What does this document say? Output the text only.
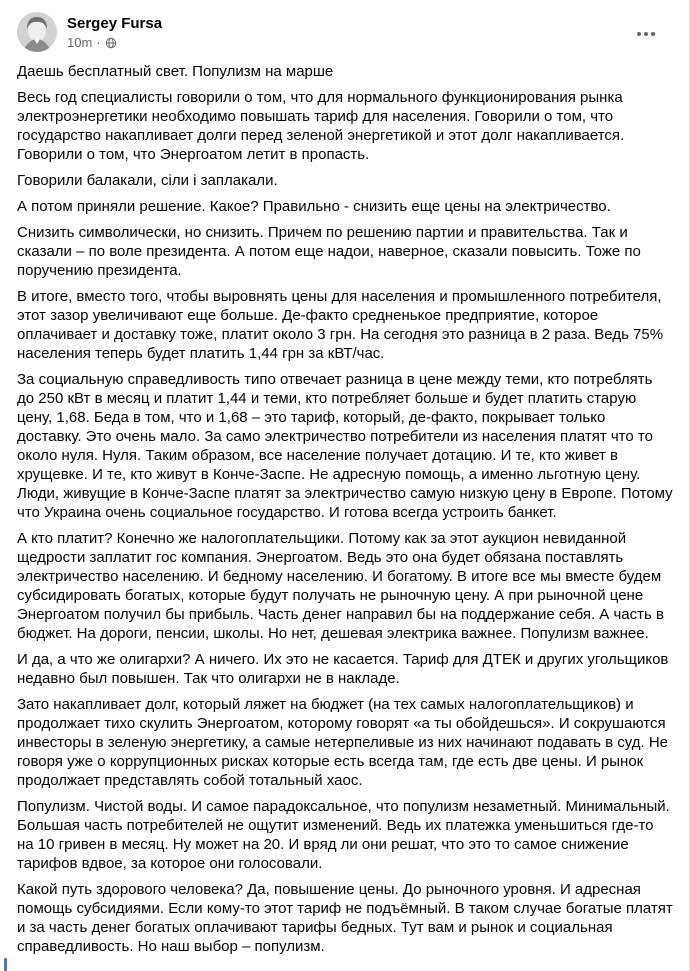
Sergey Fursa
10m ·
Даешь бесплатный свет. Популизм на марше
Весь год специалисты говорили о том, что для нормального функционирования рынка электроэнергетики необходимо повышать тариф для населения. Говорили о том, что государство накапливает долги перед зеленой энергетикой и этот долг накапливается. Говорили о том, что Энергоатом летит в пропасть.
Говорили балакали, сіли і заплакали.
А потом приняли решение. Какое? Правильно - снизить еще цены на электричество.
Снизить символически, но снизить. Причем по решению партии и правительства. Так и сказали – по воле президента. А потом еще надои, наверное, сказали повысить. Тоже по поручению президента.
В итоге, вместо того, чтобы выровнять цены для населения и промышленного потребителя, этот зазор увеличивают еще больше. Де-факто средненькое предприятие, которое оплачивает и доставку тоже, платит около 3 грн. На сегодня это разница в 2 раза. Ведь 75% населения теперь будет платить 1,44 грн за кВТ/час.
За социальную справедливость типо отвечает разница в цене между теми, кто потреблять до 250 кВт в месяц и платит 1,44 и теми, кто потребляет больше и будет платить старую цену, 1,68. Беда в том, что и 1,68 – это тариф, который, де-факто, покрывает только доставку. Это очень мало. За само электричество потребители из населения платят что то около нуля. Нуля. Таким образом, все население получает дотацию. И те, кто живет в хрущевке. И те, кто живут в Конче-Заспе. Не адресную помощь, а именно льготную цену. Люди, живущие в Конче-Заспе платят за электричество самую низкую цену в Европе. Потому что Украина очень социальное государство. И готова всегда устроить банкет.
А кто платит? Конечно же налогоплательщики. Потому как за этот аукцион невиданной щедрости заплатит гос компания. Энергоатом. Ведь это она будет обязана поставлять электричество населению. И бедному населению. И богатому. В итоге все мы вместе будем субсидировать богатых, которые будут получать не рыночную цену. А при рыночной цене Энергоатом получил бы прибыль. Часть денег направил бы на поддержание себя. А часть в бюджет. На дороги, пенсии, школы. Но нет, дешевая электрика важнее. Популизм важнее.
И да, а что же олигархи? А ничего. Их это не касается. Тариф для ДТЕК и других угольщиков недавно был повышен. Так что олигархи не в накладе.
Зато накапливает долг, который ляжет на бюджет (на тех самых налогоплательщиков) и продолжает тихо скулить Энергоатом, которому говорят «а ты обойдешься». И сокрушаются инвесторы в зеленую энергетику, а самые нетерпеливые из них начинают подавать в суд. Не говоря уже о коррупционных рисках которые есть всегда там, где есть две цены. И рынок продолжает представлять собой тотальный хаос.
Популизм. Чистой воды. И самое парадоксальное, что популизм незаметный. Минимальный. Большая часть потребителей не ощутит изменений. Ведь их платежка уменьшиться где-то на 10 гривен в месяц. Ну может на 20. И вряд ли они решат, что это то самое снижение тарифов вдвое, за которое они голосовали.
Какой путь здорового человека? Да, повышение цены. До рыночного уровня. И адресная помощь субсидиями. Если кому-то этот тариф не подъёмный. В таком случае богатые платят и за часть денег богатых оплачивают тарифы бедных. Тут вам и рынок и социальная справедливость. Но наш выбор – популизм.
